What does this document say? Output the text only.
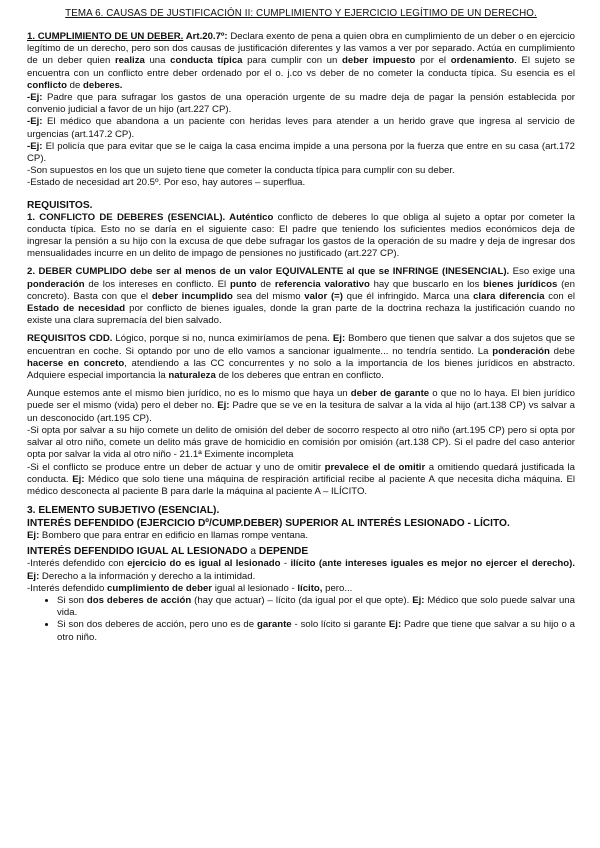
TEMA 6. CAUSAS DE JUSTIFICACIÓN II: CUMPLIMIENTO Y EJERCICIO LEGÍTIMO DE UN DERECHO.

1. CUMPLIMIENTO DE UN DEBER. Art.20.7º: Declara exento de pena a quien obra en cumplimiento de un deber o en ejercicio legítimo de un derecho, pero son dos causas de justificación diferentes y las vamos a ver por separado. Actúa en cumplimiento de un deber quien realiza una conducta típica para cumplir con un deber impuesto por el ordenamiento. El sujeto se encuentra con un conflicto entre deber ordenado por el o. j.co vs deber de no cometer la conducta típica. Su esencia es el conflicto de deberes.

-Ej: Padre que para sufragar los gastos de una operación urgente de su madre deja de pagar la pensión establecida por convenio judicial a favor de un hijo (art.227 CP).

-Ej: El médico que abandona a un paciente con heridas leves para atender a un herido grave que ingresa al servicio de urgencias (art.147.2 CP).

-Ej: El policía que para evitar que se le caiga la casa encima impide a una persona por la fuerza que entre en su casa (art.172 CP).

-Son supuestos en los que un sujeto tiene que cometer la conducta típica para cumplir con su deber.

-Estado de necesidad art 20.5º. Por eso, hay autores – superflua.

REQUISITOS.

1. CONFLICTO DE DEBERES (ESENCIAL). Auténtico conflicto de deberes lo que obliga al sujeto a optar por cometer la conducta típica. Esto no se daría en el siguiente caso: El padre que teniendo los suficientes medios económicos deja de ingresar la pensión a su hijo con la excusa de que debe sufragar los gastos de la operación de su madre y deja de ingresar dos mensualidades incurre en un delito de impago de pensiones no justificado (art.227 CP).

2. DEBER CUMPLIDO debe ser al menos de un valor EQUIVALENTE al que se INFRINGE (INESENCIAL). Eso exige una ponderación de los intereses en conflicto. El punto de referencia valorativo hay que buscarlo en los bienes jurídicos (en concreto). Basta con que el deber incumplido sea del mismo valor (=) que él infringido. Marca una clara diferencia con el Estado de necesidad por conflicto de bienes iguales, donde la gran parte de la doctrina rechaza la justificación cuando no existe una clara supremacía del bien salvado.

REQUISITOS CDD. Lógico, porque si no, nunca eximiríamos de pena. Ej: Bombero que tienen que salvar a dos sujetos que se encuentran en coche. Si optando por uno de ello vamos a sancionar igualmente... no tendría sentido. La ponderación debe hacerse en concreto, atendiendo a las CC concurrentes y no solo a la importancia de los bienes jurídicos en abstracto. Adquiere especial importancia la naturaleza de los deberes que entran en conflicto.

Aunque estemos ante el mismo bien jurídico, no es lo mismo que haya un deber de garante o que no lo haya. El bien jurídico puede ser el mismo (vida) pero el deber no. Ej: Padre que se ve en la tesitura de salvar a la vida al hijo (art.138 CP) vs salvar a un desconocido (art.195 CP).

-Si opta por salvar a su hijo comete un delito de omisión del deber de socorro respecto al otro niño (art.195 CP) pero si opta por salvar al otro niño, comete un delito más grave de homicidio en comisión por omisión (art.138 CP). Si el padre del caso anterior opta por salvar la vida al otro niño - 21.1ª Eximente incompleta

-Si el conflicto se produce entre un deber de actuar y uno de omitir prevalece el de omitir a omitiendo quedará justificada la conducta. Ej: Médico que solo tiene una máquina de respiración artificial recibe al paciente A que necesita dicha máquina. El médico desconecta al paciente B para darle la máquina al paciente A – ILÍCITO.

3. ELEMENTO SUBJETIVO (ESENCIAL).

INTERÉS DEFENDIDO (EJERCICIO Dº/CUMP.DEBER) SUPERIOR AL INTERÉS LESIONADO - LÍCITO.

Ej: Bombero que para entrar en edificio en llamas rompe ventana.

INTERÉS DEFENDIDO IGUAL AL LESIONADO a DEPENDE

-Interés defendido con ejercicio do es igual al lesionado - ilícito (ante intereses iguales es mejor no ejercer el derecho). Ej: Derecho a la información y derecho a la intimidad.

-Interés defendido cumplimiento de deber igual al lesionado - lícito, pero...

• Si son dos deberes de acción (hay que actuar) – lícito (da igual por el que opte). Ej: Médico que solo puede salvar una vida.
• Si son dos deberes de acción, pero uno es de garante - solo lícito si garante Ej: Padre que tiene que salvar a su hijo o a otro niño.
